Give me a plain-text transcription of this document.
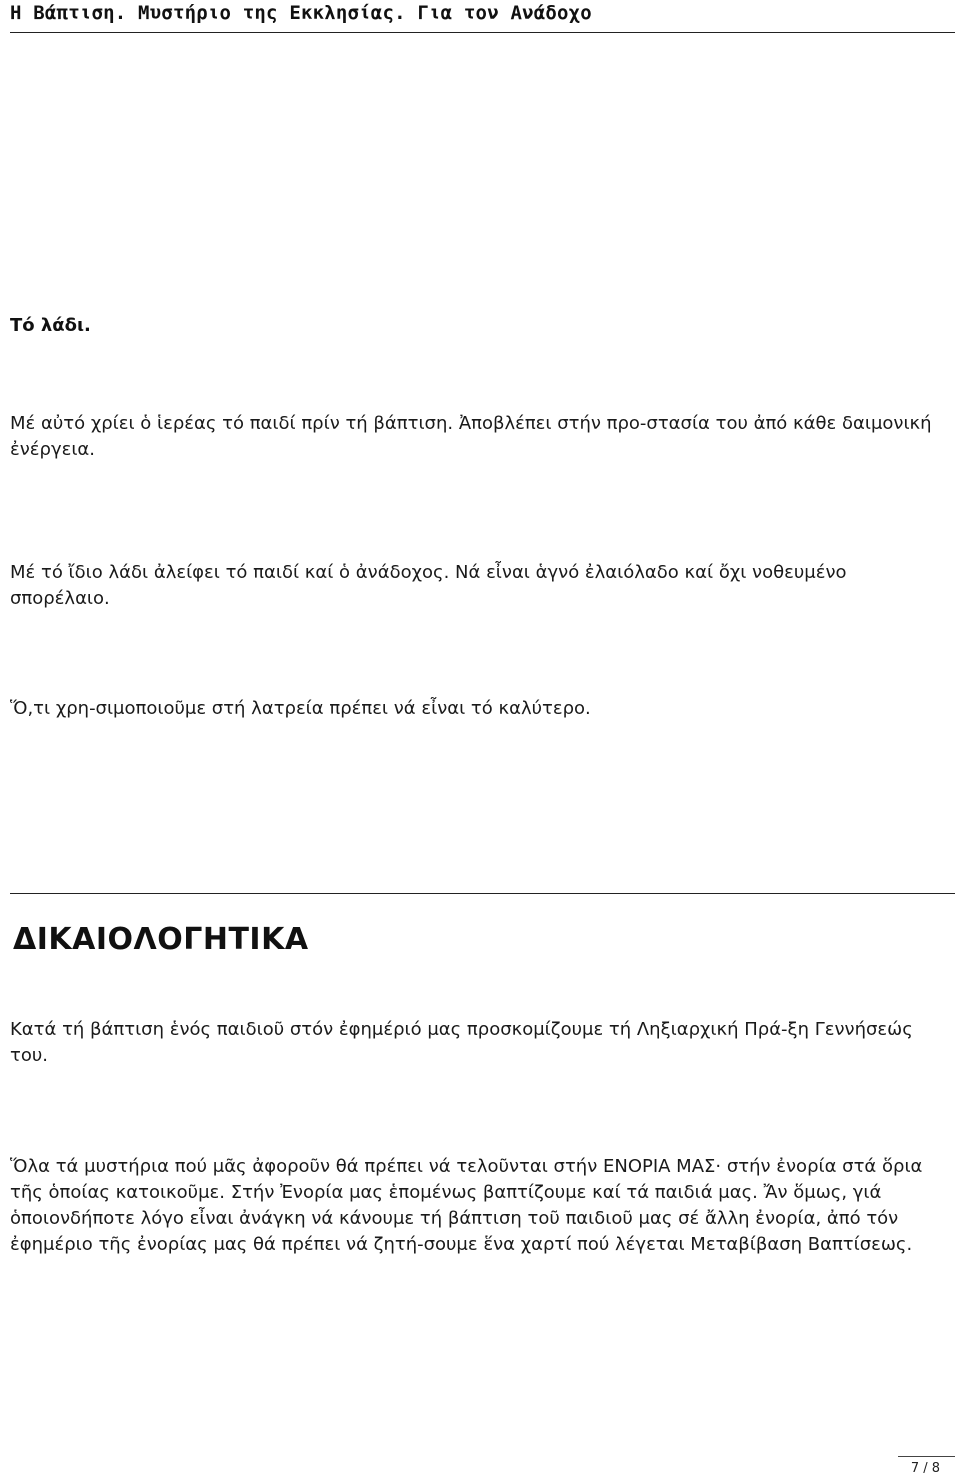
Η Βάπτιση. Μυστήριο της Εκκλησίας. Για τον Ανάδοχο
Τό λάδι.

Μέ αὐτό χρίει ὁ ἱερέας τό παιδί πρίν τή βάπτιση. Ἀποβλέπει στήν προ-στασία του ἀπό κάθε δαιμονική ἐνέργεια.

Μέ τό ἴδιο λάδι ἀλείφει τό παιδί καί ὁ ἀνάδοχος. Νά εἶναι ἁγνό ἐλαιόλαδο καί ὄχι νοθευμένο σπορέλαιο.

Ὅ,τι χρη-σιμοποιοῦμε στή λατρεία πρέπει νά εἶναι τό καλύτερο.

ΔΙΚΑΙΟΛΟΓΗΤΙΚΑ

Κατά τή βάπτιση ἑνός παιδιοῦ στόν ἐφημέριό μας προσκομίζουμε τή Ληξιαρχική Πρά-ξη Γεννήσεώς του.

Ὅλα τά μυστήρια πού μᾶς ἀφοροῦν θά πρέπει νά τελοῦνται στήν ΕΝΟΡΙΑ ΜΑΣ· στήν ἐνορία στά ὅρια τῆς ὁποίας κατοικοῦμε. Στήν Ἐνορία μας ἑπομένως βαπτίζουμε καί τά παιδιά μας. Ἄν ὅμως, γιά ὁποιονδήποτε λόγο εἶναι ἀνάγκη νά κάνουμε τή βάπτιση τοῦ παιδιοῦ μας σέ ἄλλη ἐνορία, ἀπό τόν ἐφημέριο τῆς ἐνορίας μας θά πρέπει νά ζητή-σουμε ἕνα χαρτί πού λέγεται Μεταβίβαση Βαπτίσεως.

7 / 8
